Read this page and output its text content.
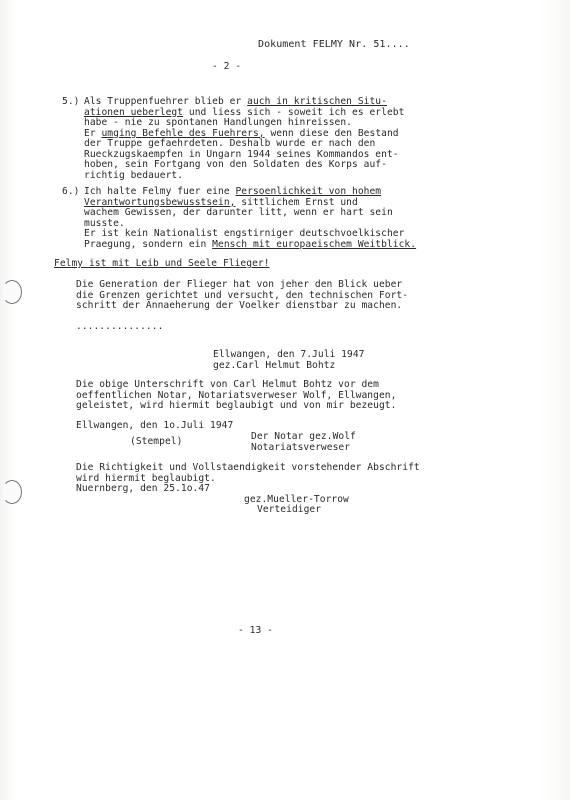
Dokument FELMY Nr. 51....
- 2 -
5.) Als Truppenfuehrer blieb er auch in kritischen Situ-
ationen ueberlegt und liess sich - soweit ich es erlebt
habe - nie zu spontanen Handlungen hinreissen.
Er umging Befehle des Fuehrers, wenn diese den Bestand
der Truppe gefaehrdeten. Deshalb wurde er nach den
Rueckzugskaempfen in Ungarn 1944 seines Kommandos ent-
hoben, sein Fortgang von den Soldaten des Korps auf-
richtig bedauert.
6.) Ich halte Felmy fuer eine Persoenlichkeit von hohem
Verantwortungsbewusstsein, sittlichem Ernst und
wachem Gewissen, der darunter litt, wenn er hart sein
musste.
Er ist kein Nationalist engstirniger deutschvoelkischer
Praegung, sondern ein Mensch mit europaeischem Weitblick.
Felmy ist mit Leib und Seele Flieger!
Die Generation der Flieger hat von jeher den Blick ueber
die Grenzen gerichtet und versucht, den technischen Fort-
schritt der Annaeherung der Voelker dienstbar zu machen.
...............
Ellwangen, den 7.Juli 1947
gez.Carl Helmut Bohtz
Die obige Unterschrift von Carl Helmut Bohtz vor dem
oeffentlichen Notar, Notariatsverweser Wolf, Ellwangen,
geleistet, wird hiermit beglaubigt und von mir bezeugt.
Ellwangen, den 1o.Juli 1947
Der Notar gez.Wolf
(Stempel)	Notariatsverweser
Die Richtigkeit und Vollstaendigkeit vorstehender Abschrift
wird hiermit beglaubigt.
Nuernberg, den 25.1o.47
gez.Mueller-Torrow
Verteidiger
- 13 -
